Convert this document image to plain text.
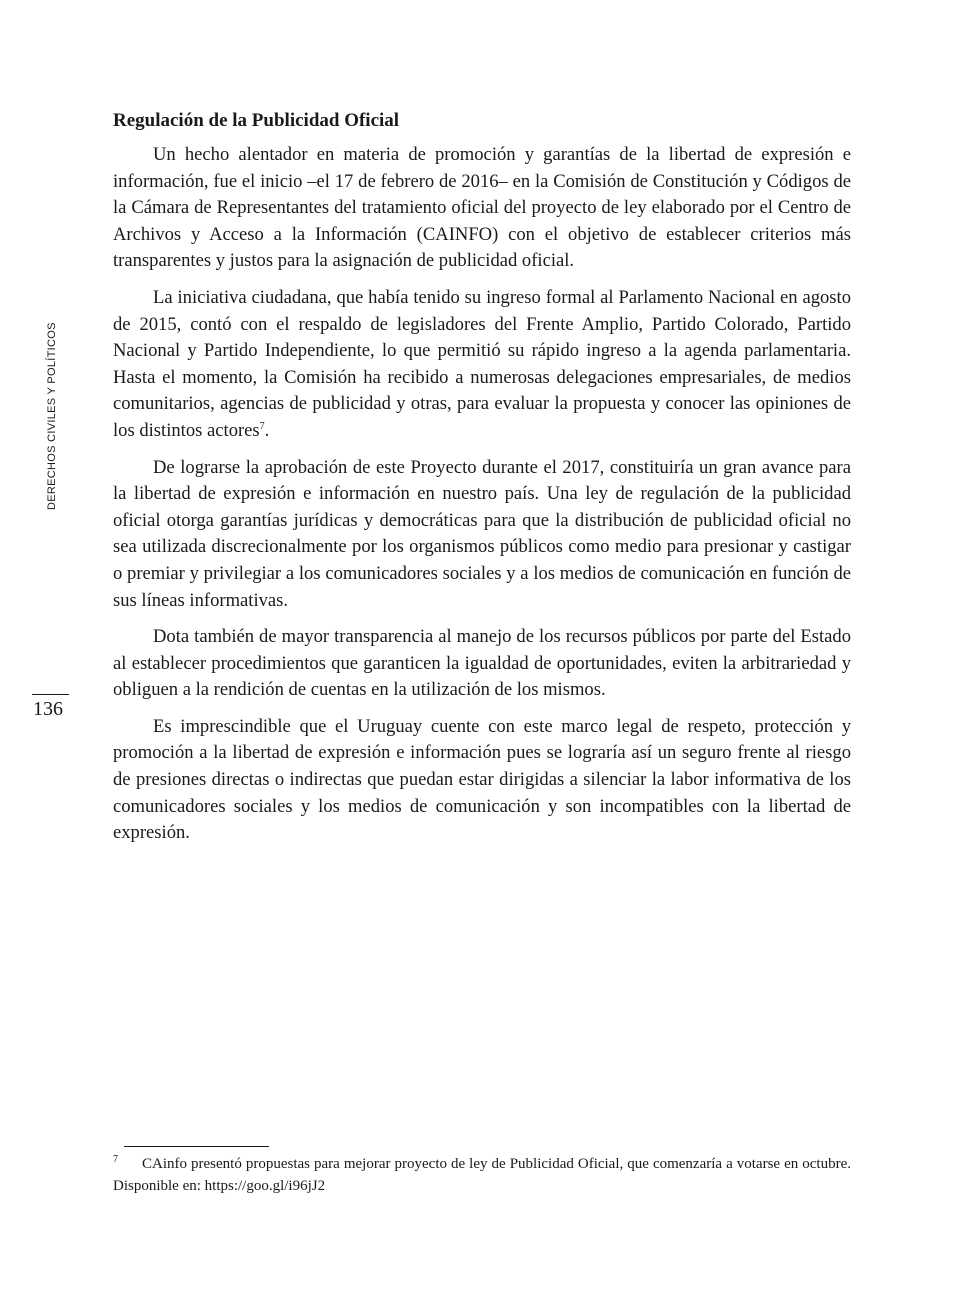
DERECHOS CIVILES Y POLÍTICOS
136
Regulación de la Publicidad Oficial

Un hecho alentador en materia de promoción y garantías de la libertad de expresión e información, fue el inicio –el 17 de febrero de 2016– en la Comisión de Constitución y Códigos de la Cámara de Representantes del tratamiento oficial del proyecto de ley elaborado por el Centro de Archivos y Acceso a la Información (CAINFO) con el objetivo de establecer criterios más transparentes y justos para la asignación de publicidad oficial.

La iniciativa ciudadana, que había tenido su ingreso formal al Parlamento Nacional en agosto de 2015, contó con el respaldo de legisladores del Frente Amplio, Partido Colorado, Partido Nacional y Partido Independiente, lo que permitió su rápido ingreso a la agenda parlamentaria. Hasta el momento, la Comisión ha recibido a numerosas delegaciones empresariales, de medios comunitarios, agencias de publicidad y otras, para evaluar la propuesta y conocer las opiniones de los distintos actores$^7$.

De lograrse la aprobación de este Proyecto durante el 2017, constituiría un gran avance para la libertad de expresión e información en nuestro país. Una ley de regulación de la publicidad oficial otorga garantías jurídicas y democráticas para que la distribución de publicidad oficial no sea utilizada discrecionalmente por los organismos públicos como medio para presionar y castigar o premiar y privilegiar a los comunicadores sociales y a los medios de comunicación en función de sus líneas informativas.

Dota también de mayor transparencia al manejo de los recursos públicos por parte del Estado al establecer procedimientos que garanticen la igualdad de oportunidades, eviten la arbitrariedad y obliguen a la rendición de cuentas en la utilización de los mismos.

Es imprescindible que el Uruguay cuente con este marco legal de respeto, protección y promoción a la libertad de expresión e información pues se lograría así un seguro frente al riesgo de presiones directas o indirectas que puedan estar dirigidas a silenciar la labor informativa de los comunicadores sociales y los medios de comunicación y son incompatibles con la libertad de expresión.

7 CAinfo presentó propuestas para mejorar proyecto de ley de Publicidad Oficial, que comenzaría a votarse en octubre. Disponible en: https://goo.gl/i96jJ2
